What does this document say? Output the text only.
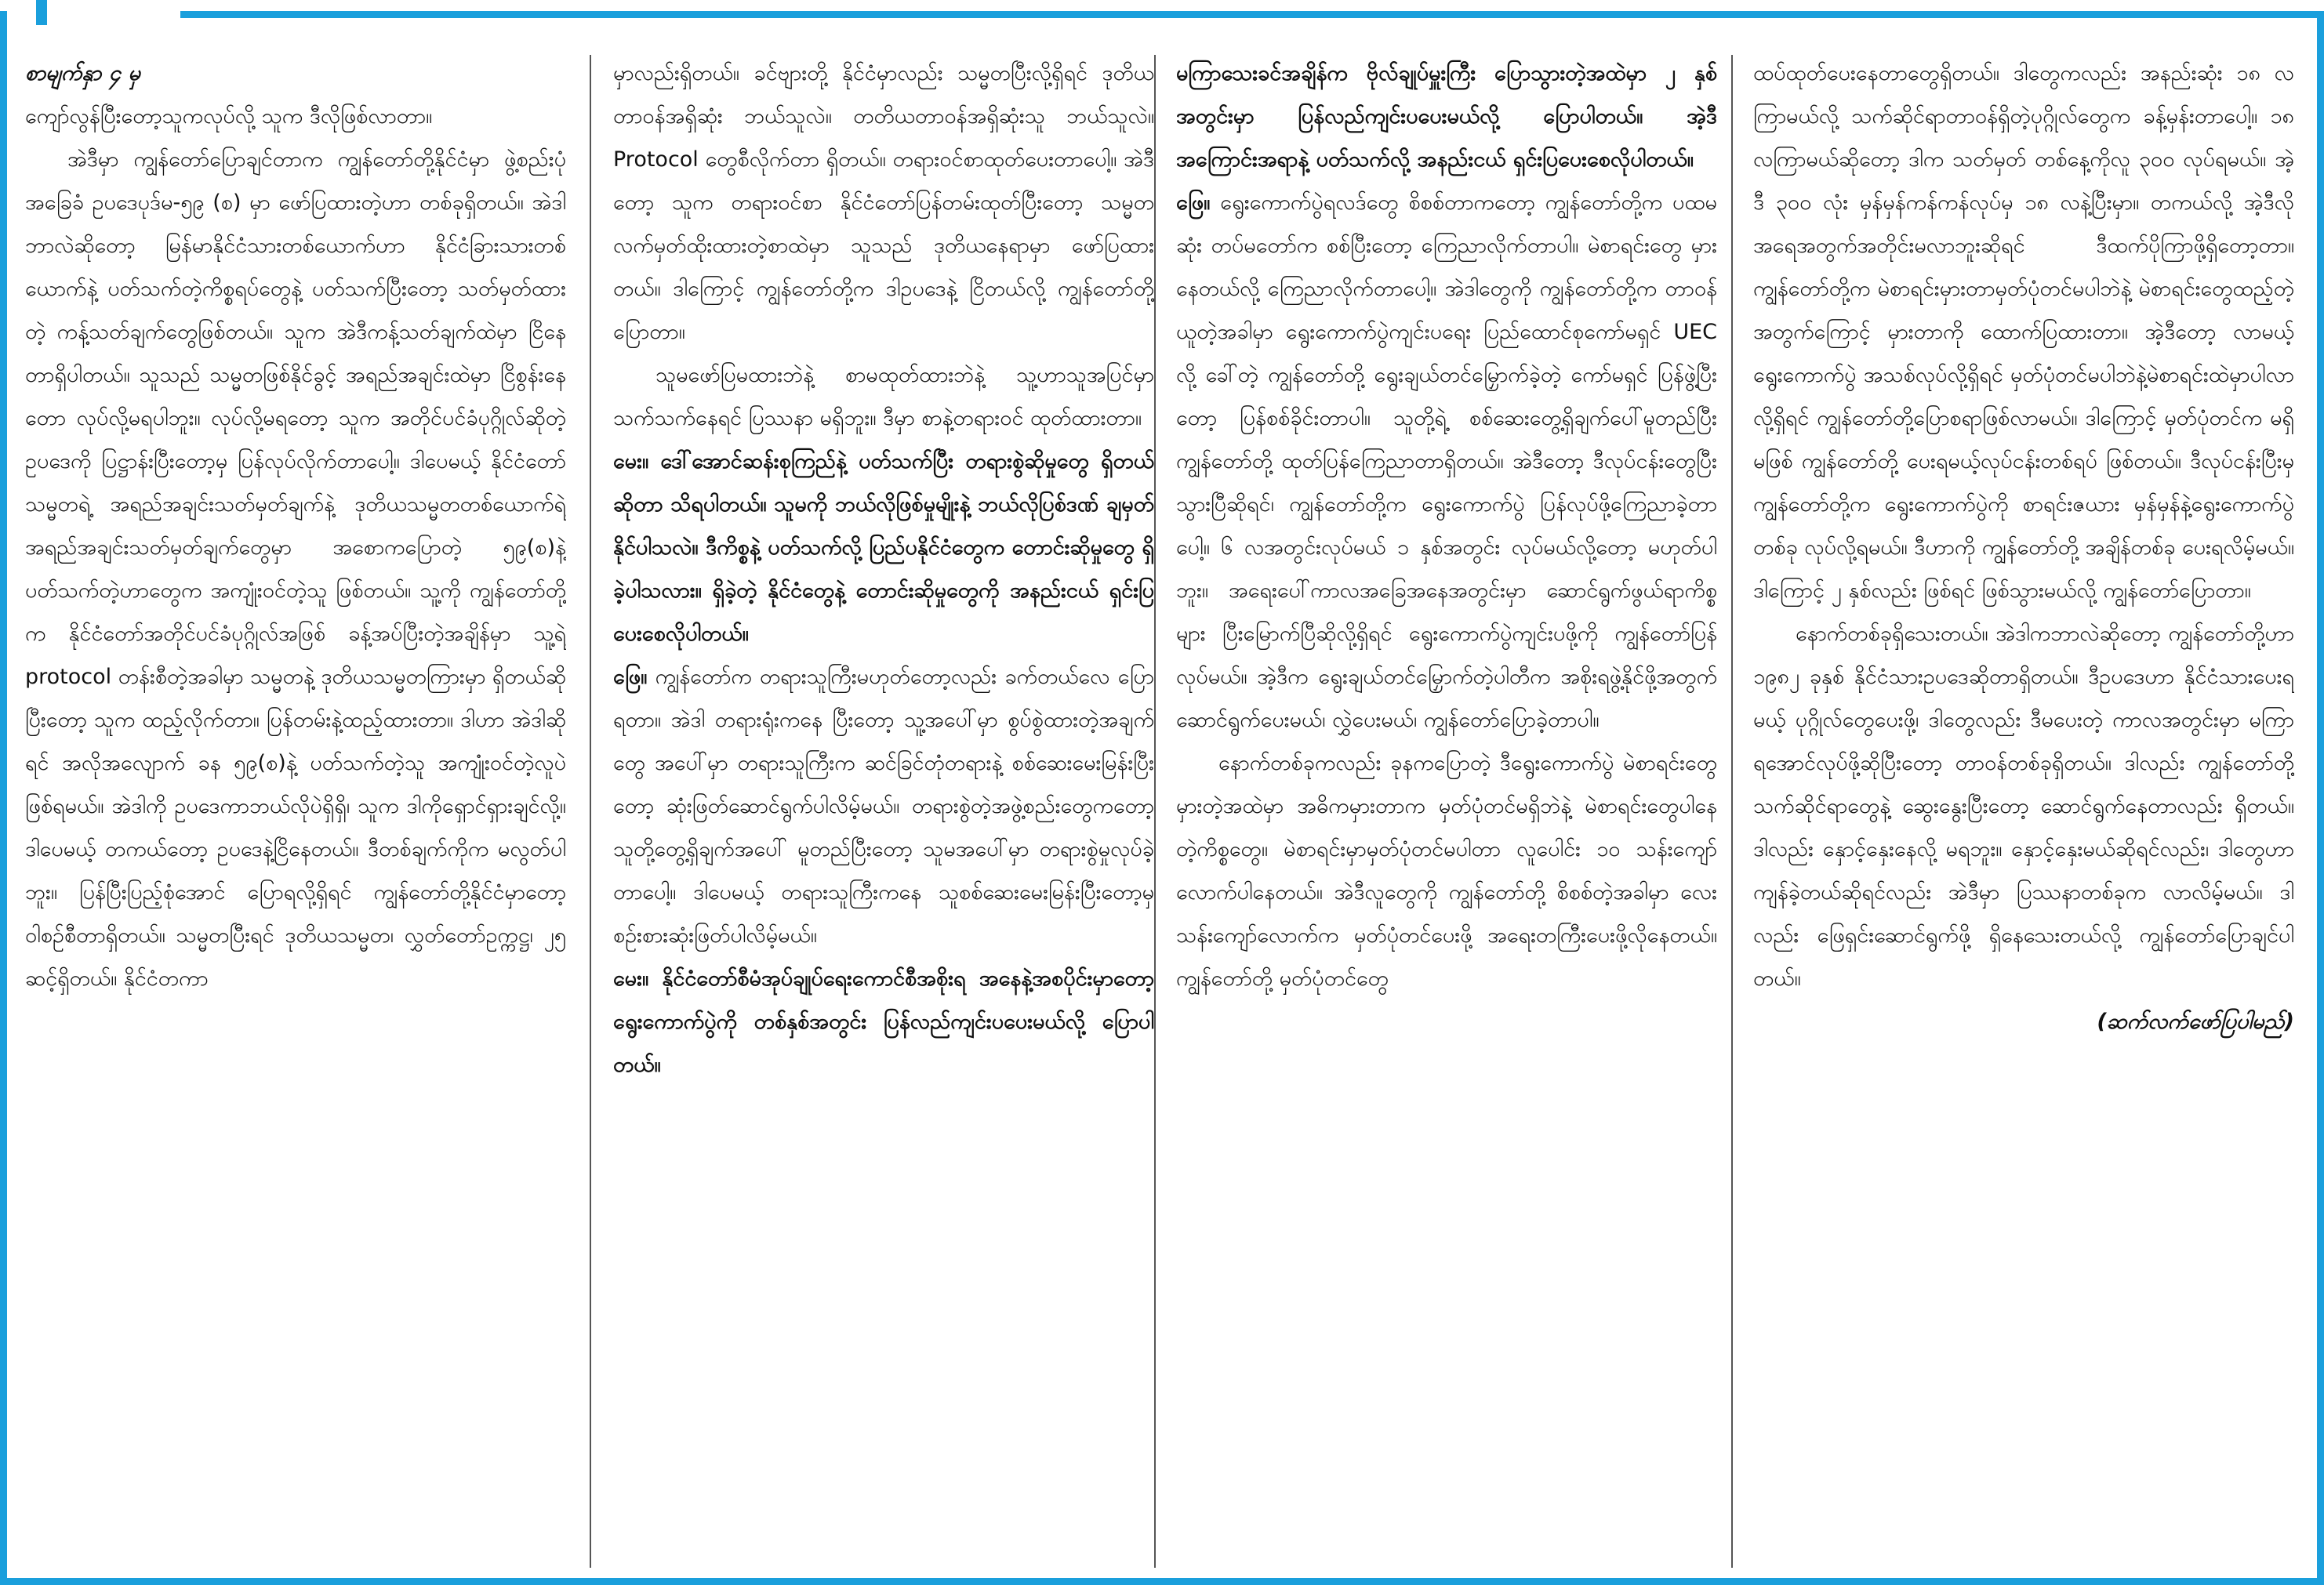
စာမျက်နှာ ၄ မှ

ကျော်လွန်ပြီးတော့သူကလုပ်လို့ သူက ဒီလိုဖြစ်လာတာ။

အဲဒီမှာ ကျွန်တော်ပြောချင်တာက ကျွန်တော်တို့နိုင်ငံမှာ ဖွဲ့စည်းပုံအခြေခံ ဥပဒေပုဒ်မ-၅၉ (စ) မှာ ဖော်ပြထားတဲ့ဟာ တစ်ခုရှိတယ်။ အဲဒါ ဘာလဲဆိုတော့ မြန်မာနိုင်ငံသားတစ်ယောက်ဟာ နိုင်ငံခြားသားတစ်ယောက်နဲ့ ပတ်သက်တဲ့ကိစ္စရပ်တွေနဲ့ ပတ်သက်ပြီးတော့ သတ်မှတ်ထားတဲ့ ကန့်သတ်ချက်တွေဖြစ်တယ်။ သူက အဲဒီကန့်သတ်ချက်ထဲမှာ ငြိနေတာရှိပါတယ်။ သူသည် သမ္မတဖြစ်နိုင်ခွင့် အရည်အချင်းထဲမှာ ငြိစွန်းနေတော လုပ်လို့မရပါဘူး။ လုပ်လို့မရတော့ သူက အတိုင်ပင်ခံပုဂ္ဂိုလ်ဆိုတဲ့ဥပဒေကို ပြဋ္ဌာန်းပြီးတော့မှ ပြန်လုပ်လိုက်တာပေါ့။ ဒါပေမယ့် နိုင်ငံတော်သမ္မတရဲ့ အရည်အချင်းသတ်မှတ်ချက်နဲ့ ဒုတိယသမ္မတတစ်ယောက်ရဲ့ အရည်အချင်းသတ်မှတ်ချက်တွေမှာ အစောကပြောတဲ့ ၅၉(စ)နဲ့ ပတ်သက်တဲ့ဟာတွေက အကျုံးဝင်တဲ့သူ ဖြစ်တယ်။ သူ့ကို ကျွန်တော်တို့က နိုင်ငံတော်အတိုင်ပင်ခံပုဂ္ဂိုလ်အဖြစ် ခန့်အပ်ပြီးတဲ့အချိန်မှာ သူ့ရဲ့ protocol တန်းစီတဲ့အခါမှာ သမ္မတနဲ့ ဒုတိယသမ္မတကြားမှာ ရှိတယ်ဆိုပြီးတော့ သူက ထည့်လိုက်တာ။ ပြန်တမ်းနဲ့ထည့်ထားတာ။ ဒါဟာ အဲဒါဆိုရင် အလိုအလျောက် ခန ၅၉(စ)နဲ့ ပတ်သက်တဲ့သူ အကျုံးဝင်တဲ့လူပဲ ဖြစ်ရမယ်။ အဲဒါကို ဥပဒေကာဘယ်လိုပဲရှိရှိ၊ သူက ဒါကိုရှောင်ရှားချင်လို့။ ဒါပေမယ့် တကယ်တော့ ဥပဒေနဲ့ငြိနေတယ်။ ဒီတစ်ချက်ကိုက မလွတ်ပါဘူး။ ပြန်ပြီးပြည့်စုံအောင် ပြောရလို့ရှိရင် ကျွန်တော်တို့နိုင်ငံမှာတော့ ဝါစဉ်စီတာရှိတယ်။ သမ္မတပြီးရင် ဒုတိယသမ္မတ၊ လွှတ်တော်ဥက္ကဋ္ဌ၊ ၂၅ ဆင့်ရှိတယ်။ နိုင်ငံတကာ

မှာလည်းရှိတယ်။ ခင်ဗျားတို့ နိုင်ငံမှာလည်း သမ္မတပြီးလို့ရှိရင် ဒုတိယတာဝန်အရှိဆုံး ဘယ်သူလဲ။ တတိယတာဝန်အရှိဆုံးသူ ဘယ်သူလဲ။ Protocol တွေစီလိုက်တာ ရှိတယ်။ တရားဝင်စာထုတ်ပေးတာပေါ့။ အဲဒီတော့ သူက တရားဝင်စာ နိုင်ငံတော်ပြန်တမ်းထုတ်ပြီးတော့ သမ္မတလက်မှတ်ထိုးထားတဲ့စာထဲမှာ သူသည် ဒုတိယနေရာမှာ ဖော်ပြထားတယ်။ ဒါကြောင့် ကျွန်တော်တို့က ဒါဥပဒေနဲ့ ငြိတယ်လို့ ကျွန်တော်တို့ ပြောတာ။

သူမဖော်ပြမထားဘဲနဲ့ စာမထုတ်ထားဘဲနဲ့ သူ့ဟာသူအပြင်မှာ သက်သက်နေရင် ပြဿနာ မရှိဘူး။ ဒီမှာ စာနဲ့တရားဝင် ထုတ်ထားတာ။

မေး။ ဒေါ်အောင်ဆန်းစုကြည်နဲ့ ပတ်သက်ပြီး တရားစွဲဆိုမှုတွေ ရှိတယ်ဆိုတာ သိရပါတယ်။ သူမကို ဘယ်လိုဖြစ်မှုမျိုးနဲ့ ဘယ်လိုပြစ်ဒဏ် ချမှတ်နိုင်ပါသလဲ။ ဒီကိစ္စနဲ့ ပတ်သက်လို့ ပြည်ပနိုင်ငံတွေက တောင်းဆိုမှုတွေ ရှိခဲ့ပါသလား။ ရှိခဲ့တဲ့ နိုင်ငံတွေနဲ့ တောင်းဆိုမှုတွေကို အနည်းငယ် ရှင်းပြပေးစေလိုပါတယ်။

ဖြေ။ ကျွန်တော်က တရားသူကြီးမဟုတ်တော့လည်း ခက်တယ်လေ ပြောရတာ။ အဲဒါ တရားရုံးကနေ ပြီးတော့ သူ့အပေါ်မှာ စွပ်စွဲထားတဲ့အချက်တွေ အပေါ်မှာ တရားသူကြီးက ဆင်ခြင်တုံတရားနဲ့ စစ်ဆေးမေးမြန်းပြီးတော့ ဆုံးဖြတ်ဆောင်ရွက်ပါလိမ့်မယ်။ တရားစွဲတဲ့အဖွဲ့စည်းတွေကတော့ သူတို့တွေ့ရှိချက်အပေါ် မူတည်ပြီးတော့ သူမအပေါ်မှာ တရားစွဲမှုလုပ်ခဲ့တာပေါ့။ ဒါပေမယ့် တရားသူကြီးကနေ သူစစ်ဆေးမေးမြန်းပြီးတော့မှ စဉ်းစားဆုံးဖြတ်ပါလိမ့်မယ်။

မေး။ နိုင်ငံတော်စီမံအုပ်ချုပ်ရေးကောင်စီအစိုးရ အနေနဲ့အစပိုင်းမှာတော့ ရွေးကောက်ပွဲကို တစ်နှစ်အတွင်း ပြန်လည်ကျင်းပပေးမယ်လို့ ပြောပါတယ်။

မကြာသေးခင်အချိန်က ဗိုလ်ချုပ်မှူးကြီး ပြောသွားတဲ့အထဲမှာ ၂ နှစ်အတွင်းမှာ ပြန်လည်ကျင်းပပေးမယ်လို့ ပြောပါတယ်။ အဲ့ဒီ အကြောင်းအရာနဲ့ ပတ်သက်လို့ အနည်းငယ် ရှင်းပြပေးစေလိုပါတယ်။

ဖြေ။ ရွေးကောက်ပွဲရလဒ်တွေ စိစစ်တာကတော့ ကျွန်တော်တို့က ပထမဆုံး တပ်မတော်က စစ်ပြီးတော့ ကြေညာလိုက်တာပါ။ မဲစာရင်းတွေ မှားနေတယ်လို့ ကြေညာလိုက်တာပေါ့။ အဲဒါတွေကို ကျွန်တော်တို့က တာဝန်ယူတဲ့အခါမှာ ရွေးကောက်ပွဲကျင်းပရေး ပြည်ထောင်စုကော်မရှင် UEC လို့ ခေါ်တဲ့ ကျွန်တော်တို့ ရွေးချယ်တင်မြှောက်ခဲ့တဲ့ ကော်မရှင် ပြန်ဖွဲ့ပြီးတော့ ပြန်စစ်ခိုင်းတာပါ။ သူတို့ရဲ့ စစ်ဆေးတွေ့ရှိချက်ပေါ်မူတည်ပြီး ကျွန်တော်တို့ ထုတ်ပြန်ကြေညာတာရှိတယ်။ အဲဒီတော့ ဒီလုပ်ငန်းတွေပြီးသွားပြီဆိုရင်၊ ကျွန်တော်တို့က ရွေးကောက်ပွဲ ပြန်လုပ်ဖို့ကြေညာခဲ့တာပေါ့။ ၆ လအတွင်းလုပ်မယ် ၁ နှစ်အတွင်း လုပ်မယ်လို့တော့ မဟုတ်ပါဘူး။ အရေးပေါ်ကာလအခြေအနေအတွင်းမှာ ဆောင်ရွက်ဖွယ်ရာကိစ္စများ ပြီးမြောက်ပြီဆိုလို့ရှိရင် ရွေးကောက်ပွဲကျင်းပဖို့ကို ကျွန်တော်ပြန်လုပ်မယ်။ အဲ့ဒီက ရွေးချယ်တင်မြှောက်တဲ့ပါတီက အစိုးရဖွဲ့နိုင်ဖို့အတွက် ဆောင်ရွက်ပေးမယ်၊ လွှဲပေးမယ်၊ ကျွန်တော်ပြောခဲ့တာပါ။

နောက်တစ်ခုကလည်း ခုနကပြောတဲ့ ဒီရွေးကောက်ပွဲ မဲစာရင်းတွေမှားတဲ့အထဲမှာ အဓိကမှားတာက မှတ်ပုံတင်မရှိဘဲနဲ့ မဲစာရင်းတွေပါနေတဲ့ကိစ္စတွေ။ မဲစာရင်းမှာမှတ်ပုံတင်မပါတာ လူပေါင်း ၁၀ သန်းကျော်လောက်ပါနေတယ်။ အဲဒီလူတွေကို ကျွန်တော်တို့ စိစစ်တဲ့အခါမှာ လေးသန်းကျော်လောက်က မှတ်ပုံတင်ပေးဖို့ အရေးတကြီးပေးဖို့လိုနေတယ်။ ကျွန်တော်တို့ မှတ်ပုံတင်တွေ

ထပ်ထုတ်ပေးနေတာတွေရှိတယ်။ ဒါတွေကလည်း အနည်းဆုံး ၁၈ လ ကြာမယ်လို့ သက်ဆိုင်ရာတာဝန်ရှိတဲ့ပုဂ္ဂိုလ်တွေက ခန့်မှန်းတာပေါ့။ ၁၈ လကြာမယ်ဆိုတော့ ဒါက သတ်မှတ် တစ်နေ့ကိုလူ ၃၀၀ လုပ်ရမယ်။ အဲ့ဒီ ၃၀၀ လုံး မှန်မှန်ကန်ကန်လုပ်မှ ၁၈ လနဲ့ပြီးမှာ။ တကယ်လို့ အဲ့ဒီလို အရေအတွက်အတိုင်းမလာဘူးဆိုရင် ဒီထက်ပိုကြာဖို့ရှိတော့တာ။ ကျွန်တော်တို့က မဲစာရင်းမှားတာမှတ်ပုံတင်မပါဘဲနဲ့ မဲစာရင်းတွေထည့်တဲ့အတွက်ကြောင့် မှားတာကို ထောက်ပြထားတာ။ အဲ့ဒီတော့ လာမယ့်ရွေးကောက်ပွဲ အသစ်လုပ်လို့ရှိရင် မှတ်ပုံတင်မပါဘဲနဲ့မဲစာရင်းထဲမှာပါလာလို့ရှိရင် ကျွန်တော်တို့ပြောစရာဖြစ်လာမယ်။ ဒါကြောင့် မှတ်ပုံတင်က မရှိမဖြစ် ကျွန်တော်တို့ ပေးရမယ့်လုပ်ငန်းတစ်ရပ် ဖြစ်တယ်။ ဒီလုပ်ငန်းပြီးမှ ကျွန်တော်တို့က ရွေးကောက်ပွဲကို စာရင်းဇယား မှန်မှန်နဲ့ရွေးကောက်ပွဲတစ်ခု လုပ်လို့ရမယ်။ ဒီဟာကို ကျွန်တော်တို့ အချိန်တစ်ခု ပေးရလိမ့်မယ်။ ဒါကြောင့် ၂ နှစ်လည်း ဖြစ်ရင် ဖြစ်သွားမယ်လို့ ကျွန်တော်ပြောတာ။

နောက်တစ်ခုရှိသေးတယ်။ အဲဒါကဘာလဲဆိုတော့ ကျွန်တော်တို့ဟာ ၁၉၈၂ ခုနှစ် နိုင်ငံသားဥပဒေဆိုတာရှိတယ်။ ဒီဥပဒေဟာ နိုင်ငံသားပေးရမယ့် ပုဂ္ဂိုလ်တွေပေးဖို့၊ ဒါတွေလည်း ဒီမပေးတဲ့ ကာလအတွင်းမှာ မကြာရအောင်လုပ်ဖို့ဆိုပြီးတော့ တာဝန်တစ်ခုရှိတယ်။ ဒါလည်း ကျွန်တော်တို့ သက်ဆိုင်ရာတွေနဲ့ ဆွေးနွေးပြီးတော့ ဆောင်ရွက်နေတာလည်း ရှိတယ်။ ဒါလည်း နှောင့်နှေးနေလို့ မရဘူး။ နှောင့်နှေးမယ်ဆိုရင်လည်း၊ ဒါတွေဟာ ကျန်ခဲ့တယ်ဆိုရင်လည်း အဲဒီမှာ ပြဿနာတစ်ခုက လာလိမ့်မယ်။ ဒါလည်း ဖြေရှင်းဆောင်ရွက်ဖို့ ရှိနေသေးတယ်လို့ ကျွန်တော်ပြောချင်ပါတယ်။

(ဆက်လက်ဖော်ပြပါမည်)
